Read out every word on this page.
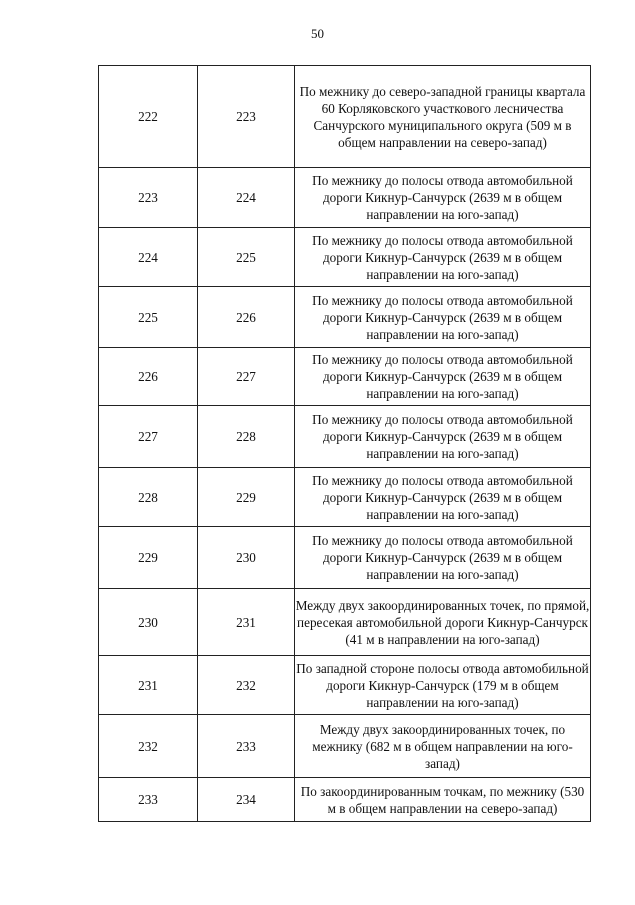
50
222	223	По межнику до северо-западной границы квартала 60 Корляковского участкового лесничества Санчурского муниципального округа (509 м в общем направлении на северо-запад)
223	224	По межнику до полосы отвода автомобильной дороги Кикнур-Санчурск (2639 м в общем направлении на юго-запад)
224	225	По межнику до полосы отвода автомобильной дороги Кикнур-Санчурск (2639 м в общем направлении на юго-запад)
225	226	По межнику до полосы отвода автомобильной дороги Кикнур-Санчурск (2639 м в общем направлении на юго-запад)
226	227	По межнику до полосы отвода автомобильной дороги Кикнур-Санчурск (2639 м в общем направлении на юго-запад)
227	228	По межнику до полосы отвода автомобильной дороги Кикнур-Санчурск (2639 м в общем направлении на юго-запад)
228	229	По межнику до полосы отвода автомобильной дороги Кикнур-Санчурск (2639 м в общем направлении на юго-запад)
229	230	По межнику до полосы отвода автомобильной дороги Кикнур-Санчурск (2639 м в общем направлении на юго-запад)
230	231	Между двух закоординированных точек, по прямой, пересекая автомобильной дороги Кикнур-Санчурск (41 м в направлении на юго-запад)
231	232	По западной стороне полосы отвода автомобильной дороги Кикнур-Санчурск (179 м в общем направлении на юго-запад)
232	233	Между двух закоординированных точек, по межнику (682 м в общем направлении на юго-запад)
233	234	По закоординированным точкам, по межнику (530 м в общем направлении на северо-запад)
